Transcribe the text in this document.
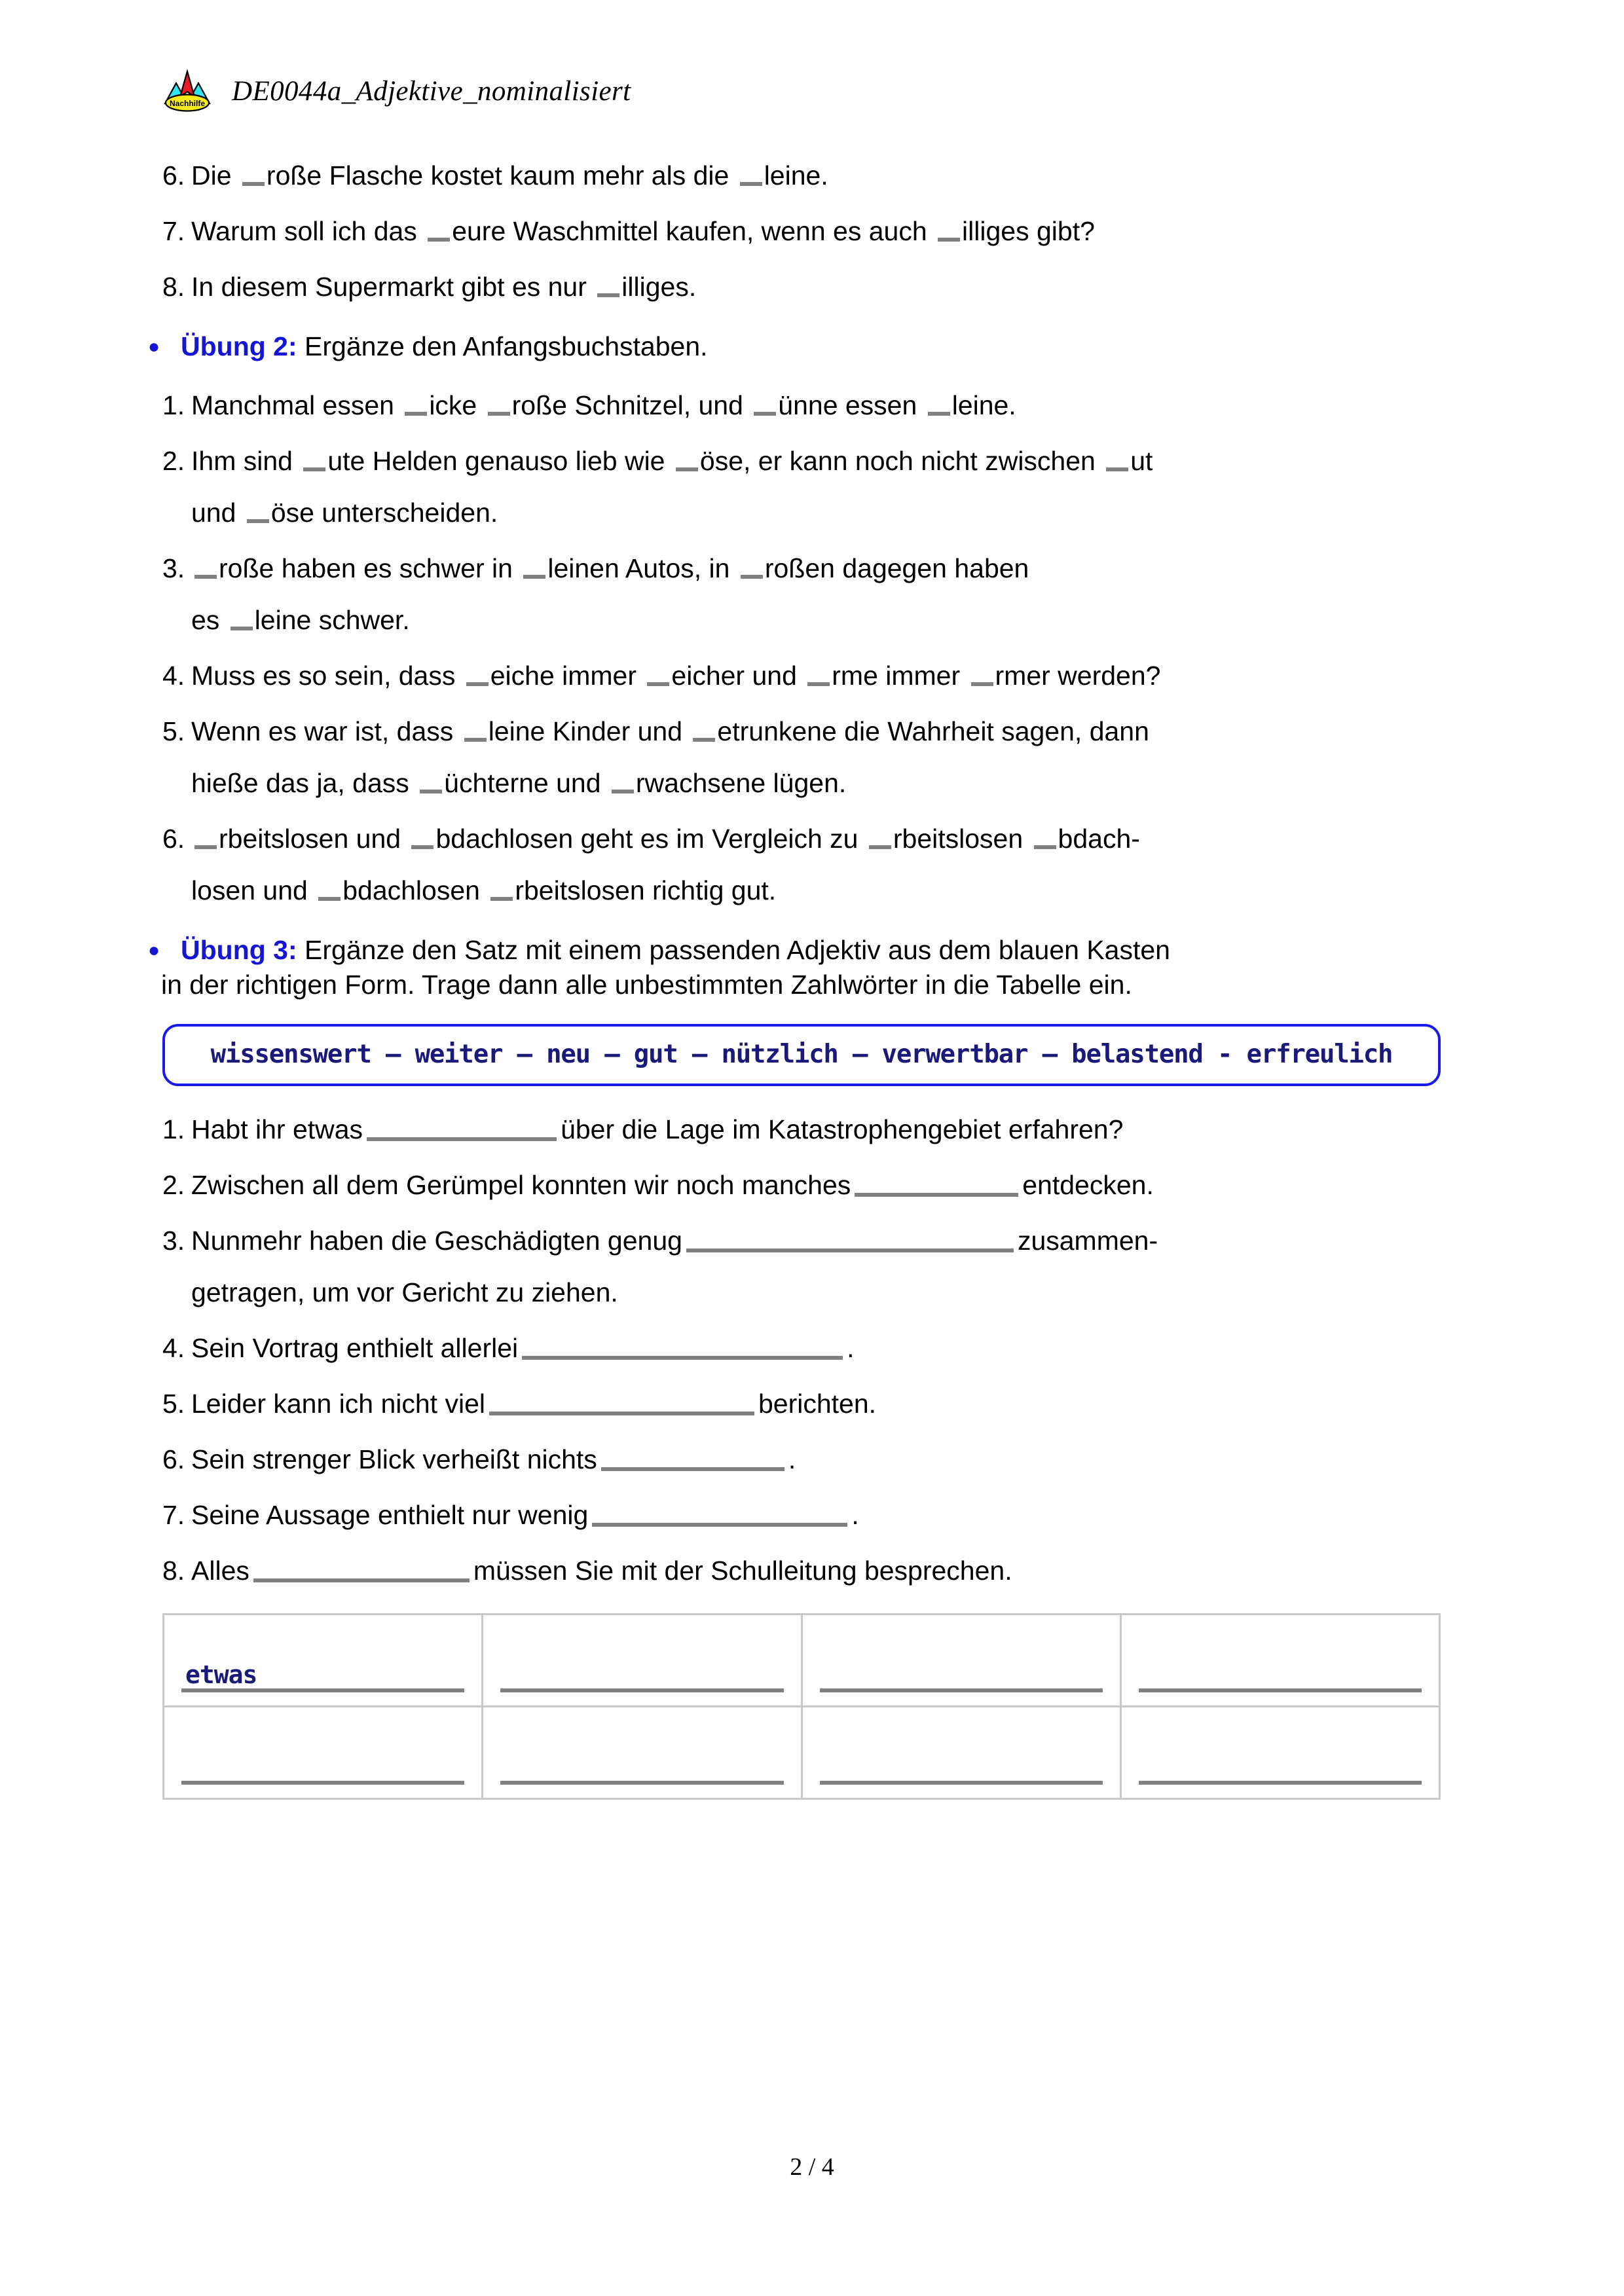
Nachhilfe DE0044a_Adjektive_nominalisiert
6. Die roße Flasche kostet kaum mehr als die leine.
7. Warum soll ich das eure Waschmittel kaufen, wenn es auch illiges gibt?
8. In diesem Supermarkt gibt es nur illiges.
● Übung 2: Ergänze den Anfangsbuchstaben.
1. Manchmal essen icke roße Schnitzel, und ünne essen leine.
2. Ihm sind ute Helden genauso lieb wie öse, er kann noch nicht zwischen ut
und öse unterscheiden.
3.	roße haben es schwer in leinen Autos, in roßen dagegen haben
es leine schwer.
4. Muss es so sein, dass eiche immer eicher und rme immer rmer werden?
5. Wenn es war ist, dass leine Kinder und etrunkene die Wahrheit sagen, dann
hieße das ja, dass üchterne und rwachsene lügen.
6.	rbeitslosen und bdachlosen geht es im Vergleich zu rbeitslosen bdach-
losen und bdachlosen rbeitslosen richtig gut.
● Übung 3: Ergänze den Satz mit einem passenden Adjektiv aus dem blauen Kasten
in der richtigen Form. Trage dann alle unbestimmten Zahlwörter in die Tabelle ein.
wissenswert – weiter – neu – gut – nützlich – verwertbar – belastend - erfreulich
1. Habt ihr etwas	über die Lage im Katastrophengebiet erfahren?
2. Zwischen all dem Gerümpel konnten wir noch manches	entdecken.
3. Nunmehr haben die Geschädigten genug	zusammen-
getragen, um vor Gericht zu ziehen.
4. Sein Vortrag enthielt allerlei	.
5. Leider kann ich nicht viel	berichten.
6. Sein strenger Blick verheißt nichts	.
7. Seine Aussage enthielt nur wenig	.
8. Alles	müssen Sie mit der Schulleitung besprechen.
etwas			

2 / 4
